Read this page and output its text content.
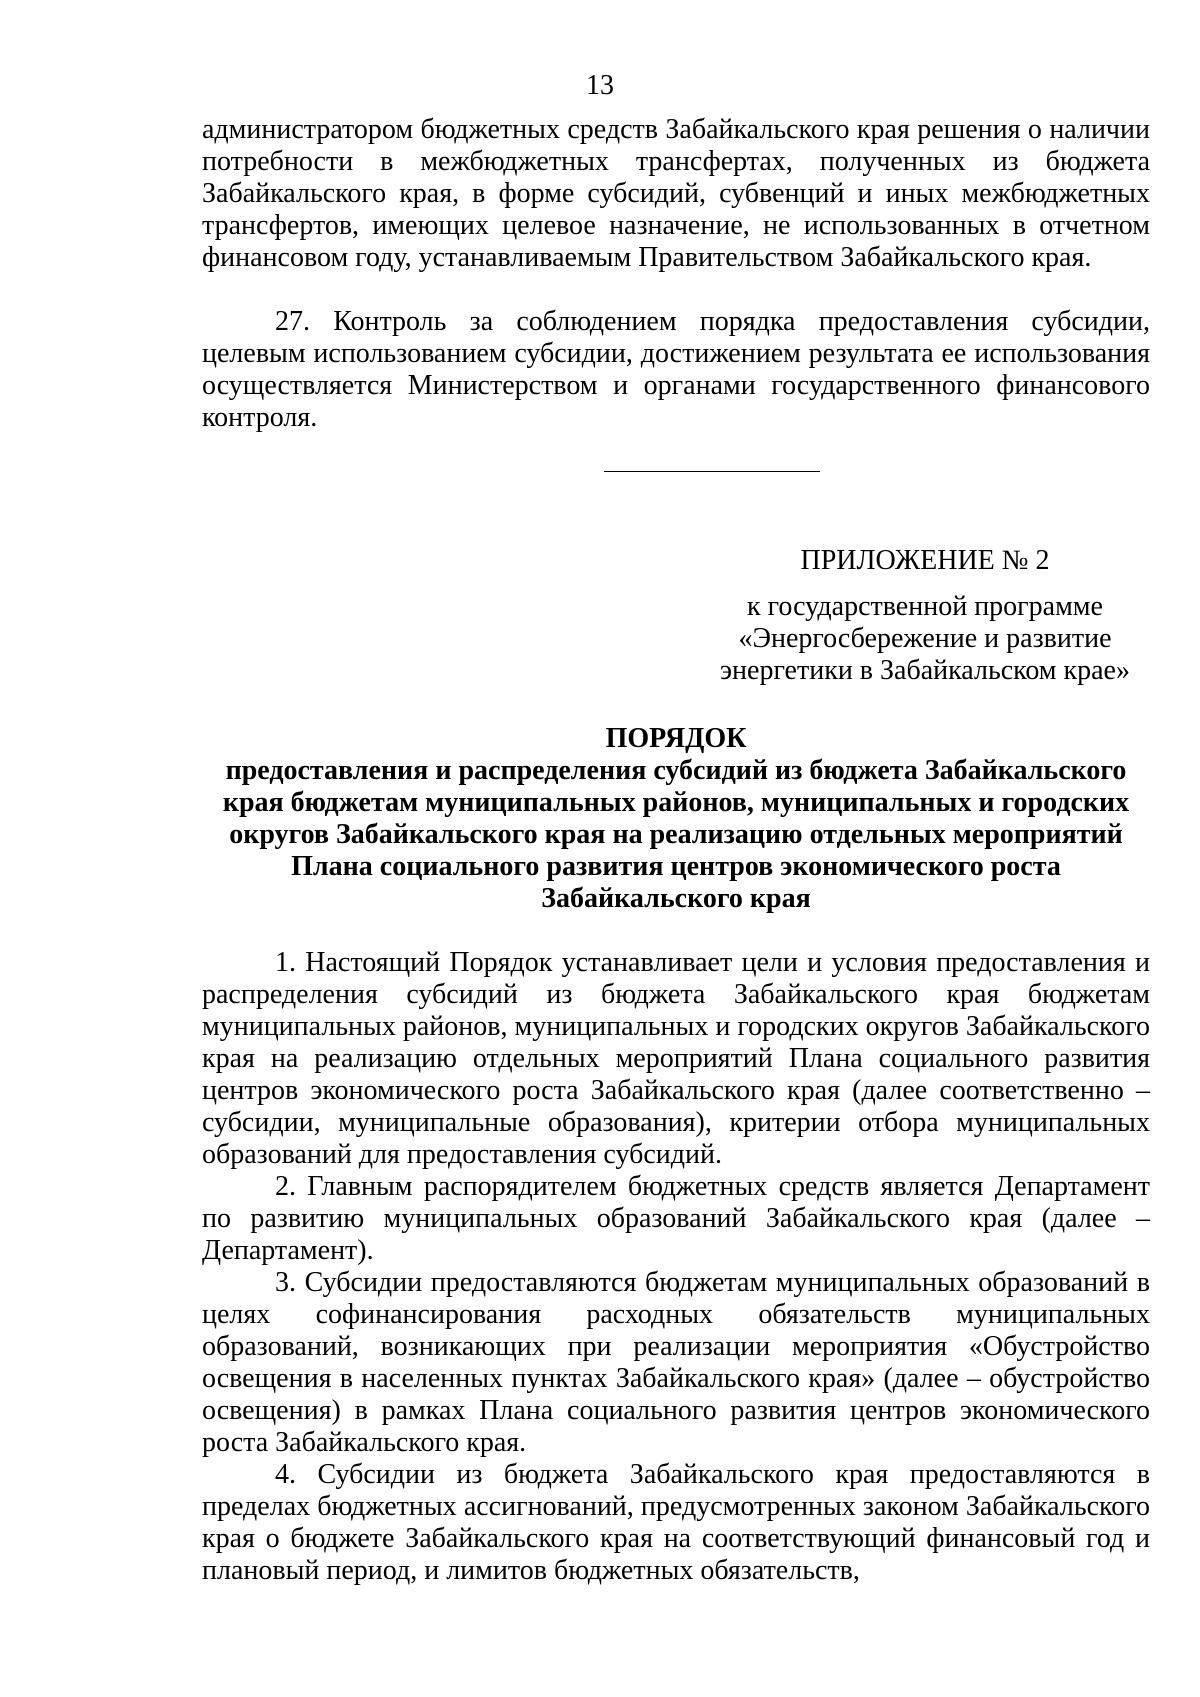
13

администратором бюджетных средств Забайкальского края решения о наличии потребности в межбюджетных трансфертах, полученных из бюджета Забайкальского края, в форме субсидий, субвенций и иных межбюджетных трансфертов, имеющих целевое назначение, не использованных в отчетном финансовом году, устанавливаемым Правительством Забайкальского края.

27. Контроль за соблюдением порядка предоставления субсидии, целевым использованием субсидии, достижением результата ее использования осуществляется Министерством и органами государственного финансового контроля.

ПРИЛОЖЕНИЕ № 2
к государственной программе
«Энергосбережение и развитие
энергетики в Забайкальском крае»
ПОРЯДОК
предоставления и распределения субсидий из бюджета Забайкальского
края бюджетам муниципальных районов, муниципальных и городских
округов Забайкальского края на реализацию отдельных мероприятий
Плана социального развития центров экономического роста
Забайкальского края

1. Настоящий Порядок устанавливает цели и условия предоставления и распределения субсидий из бюджета Забайкальского края бюджетам муниципальных районов, муниципальных и городских округов Забайкальского края на реализацию отдельных мероприятий Плана социального развития центров экономического роста Забайкальского края (далее соответственно – субсидии, муниципальные образования), критерии отбора муниципальных образований для предоставления субсидий.

2. Главным распорядителем бюджетных средств является Департамент по развитию муниципальных образований Забайкальского края (далее – Департамент).

3. Субсидии предоставляются бюджетам муниципальных образований в целях софинансирования расходных обязательств муниципальных образований, возникающих при реализации мероприятия «Обустройство освещения в населенных пунктах Забайкальского края» (далее – обустройство освещения) в рамках Плана социального развития центров экономического роста Забайкальского края.

4. Субсидии из бюджета Забайкальского края предоставляются в пределах бюджетных ассигнований, предусмотренных законом Забайкальского края о бюджете Забайкальского края на соответствующий финансовый год и плановый период, и лимитов бюджетных обязательств,
